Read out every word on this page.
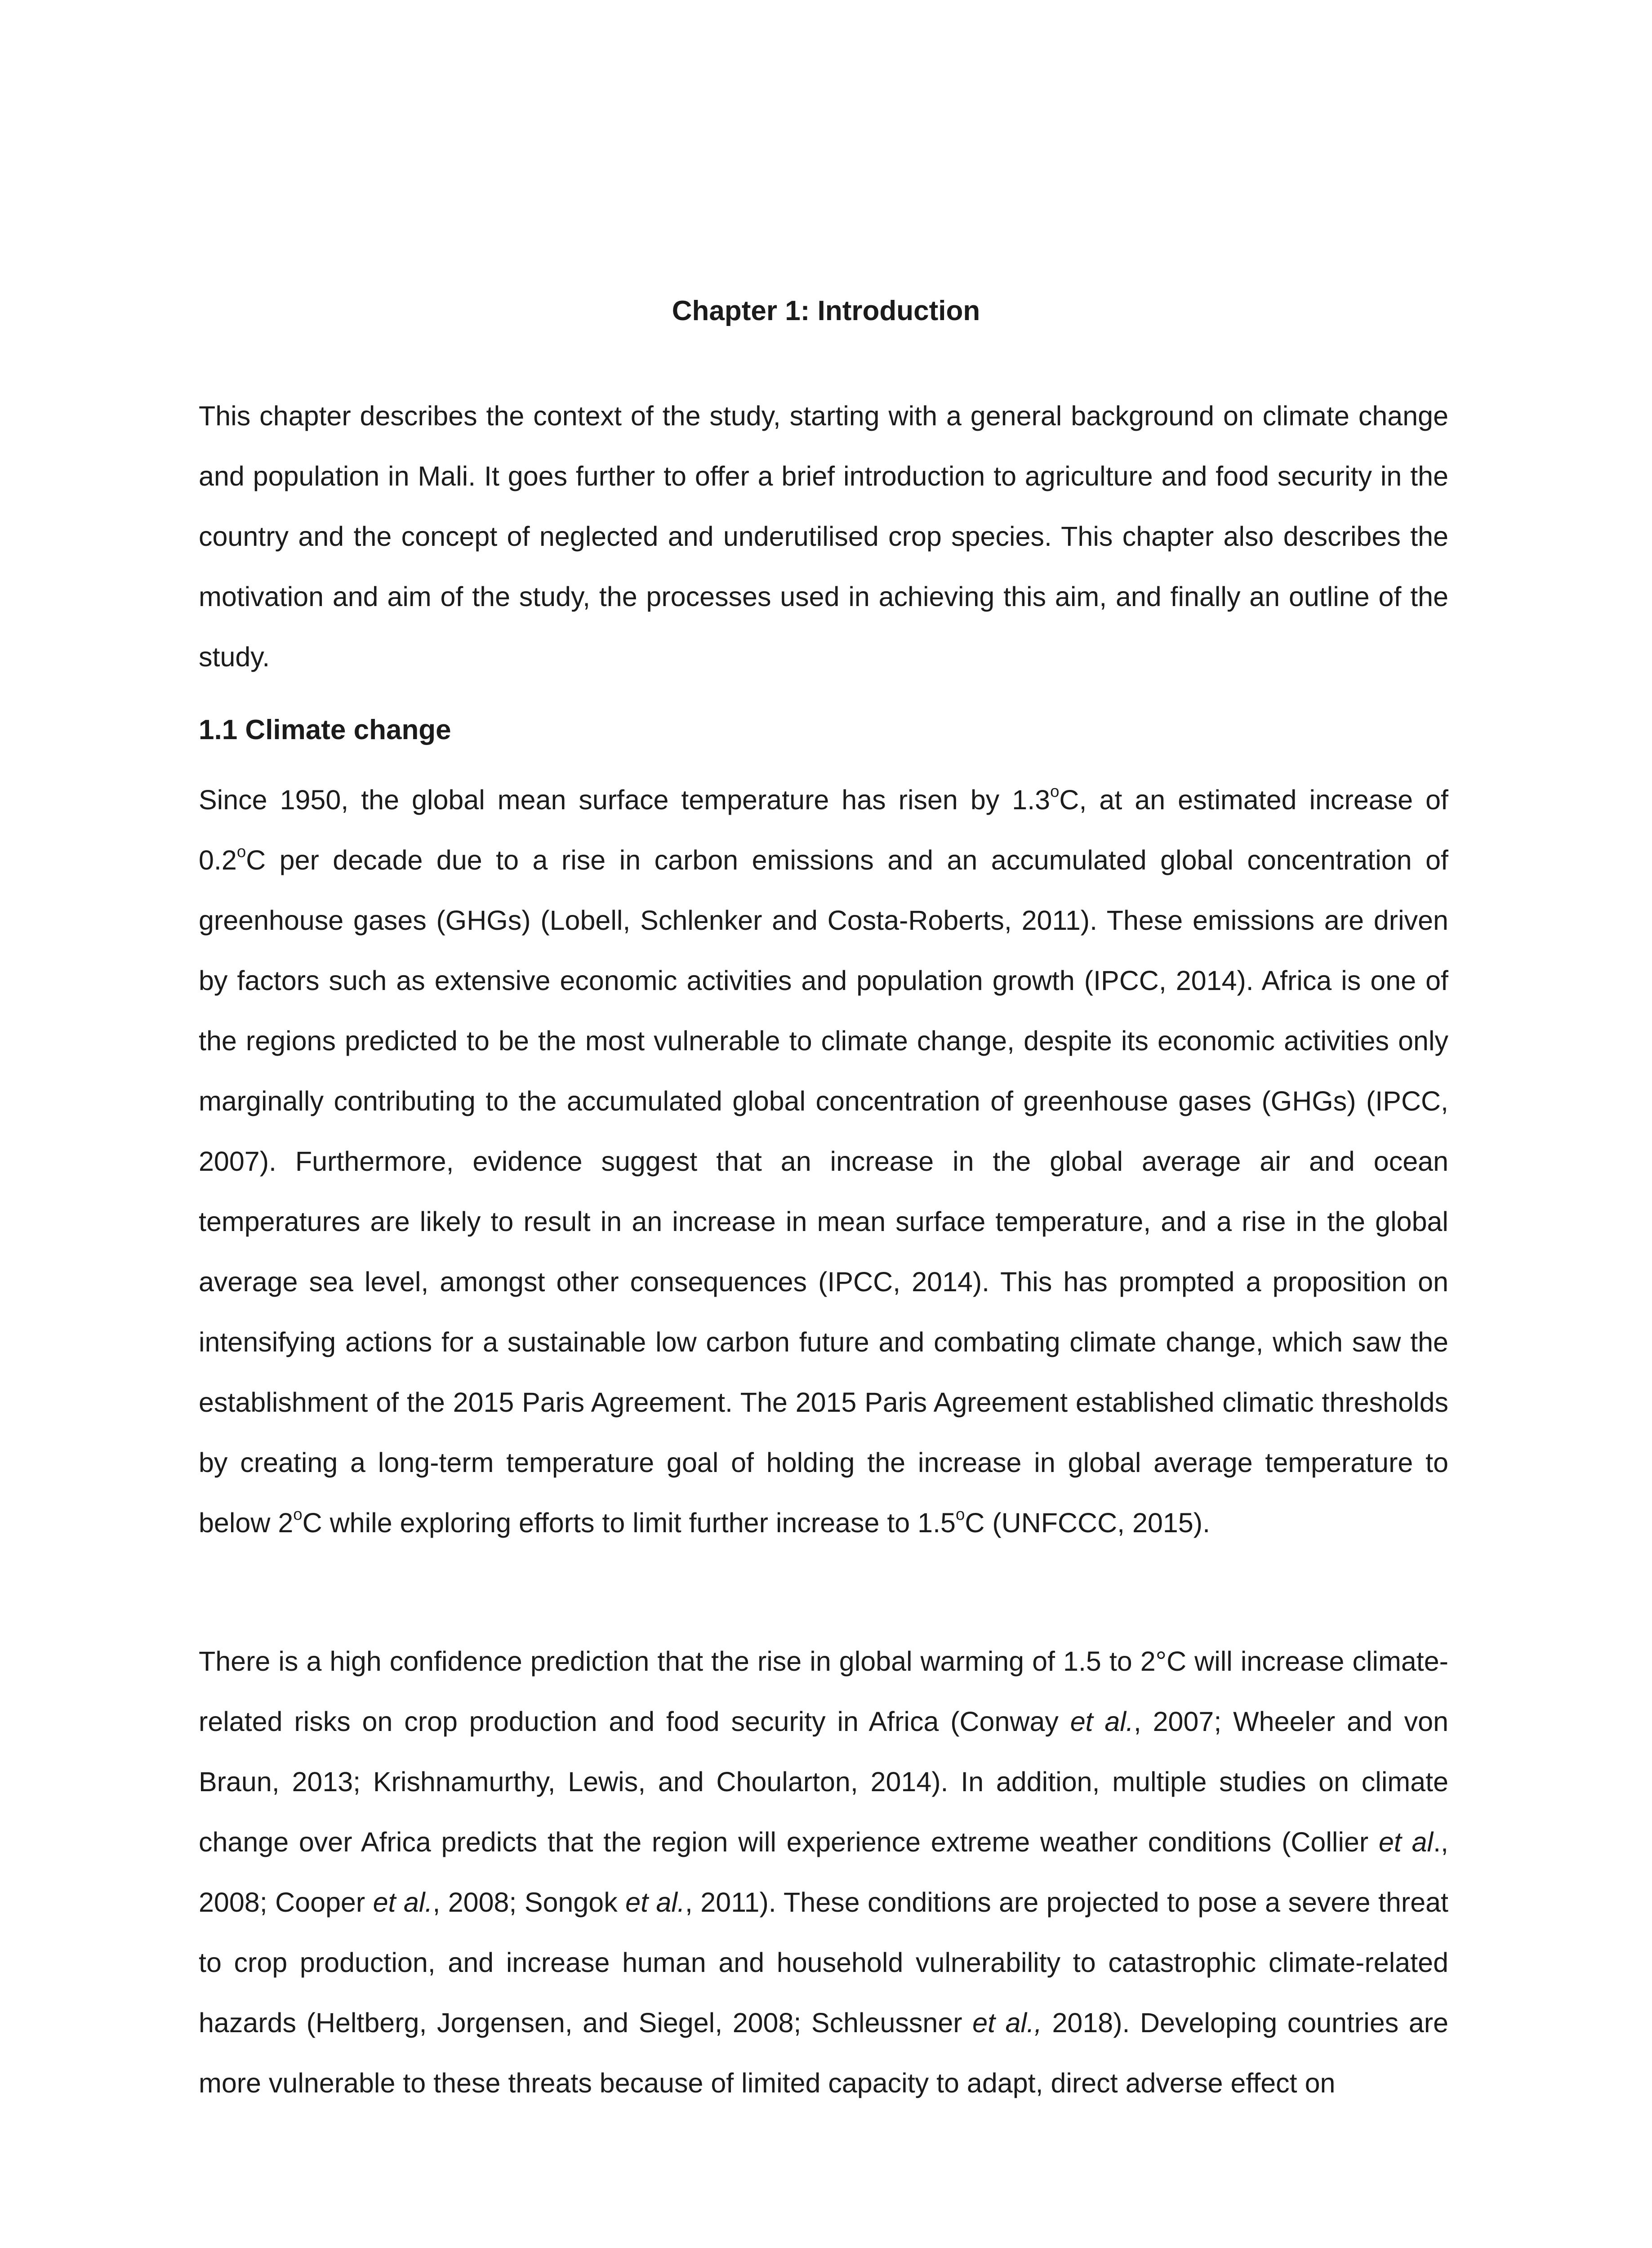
Chapter 1: Introduction

This chapter describes the context of the study, starting with a general background on climate change and population in Mali. It goes further to offer a brief introduction to agriculture and food security in the country and the concept of neglected and underutilised crop species. This chapter also describes the motivation and aim of the study, the processes used in achieving this aim, and finally an outline of the study.

1.1 Climate change

Since 1950, the global mean surface temperature has risen by 1.3$^o$C, at an estimated increase of 0.2$^o$C per decade due to a rise in carbon emissions and an accumulated global concentration of greenhouse gases (GHGs) (Lobell, Schlenker and Costa-Roberts, 2011). These emissions are driven by factors such as extensive economic activities and population growth (IPCC, 2014). Africa is one of the regions predicted to be the most vulnerable to climate change, despite its economic activities only marginally contributing to the accumulated global concentration of greenhouse gases (GHGs) (IPCC, 2007). Furthermore, evidence suggest that an increase in the global average air and ocean temperatures are likely to result in an increase in mean surface temperature, and a rise in the global average sea level, amongst other consequences (IPCC, 2014). This has prompted a proposition on intensifying actions for a sustainable low carbon future and combating climate change, which saw the establishment of the 2015 Paris Agreement. The 2015 Paris Agreement established climatic thresholds by creating a long-term temperature goal of holding the increase in global average temperature to below 2$^o$C while exploring efforts to limit further increase to 1.5$^o$C (UNFCCC, 2015).

There is a high confidence prediction that the rise in global warming of 1.5 to 2°C will increase climate-related risks on crop production and food security in Africa (Conway et al., 2007; Wheeler and von Braun, 2013; Krishnamurthy, Lewis, and Choularton, 2014). In addition, multiple studies on climate change over Africa predicts that the region will experience extreme weather conditions (Collier et al., 2008; Cooper et al., 2008; Songok et al., 2011). These conditions are projected to pose a severe threat to crop production, and increase human and household vulnerability to catastrophic climate-related hazards (Heltberg, Jorgensen, and Siegel, 2008; Schleussner et al., 2018). Developing countries are more vulnerable to these threats because of limited capacity to adapt, direct adverse effect on
